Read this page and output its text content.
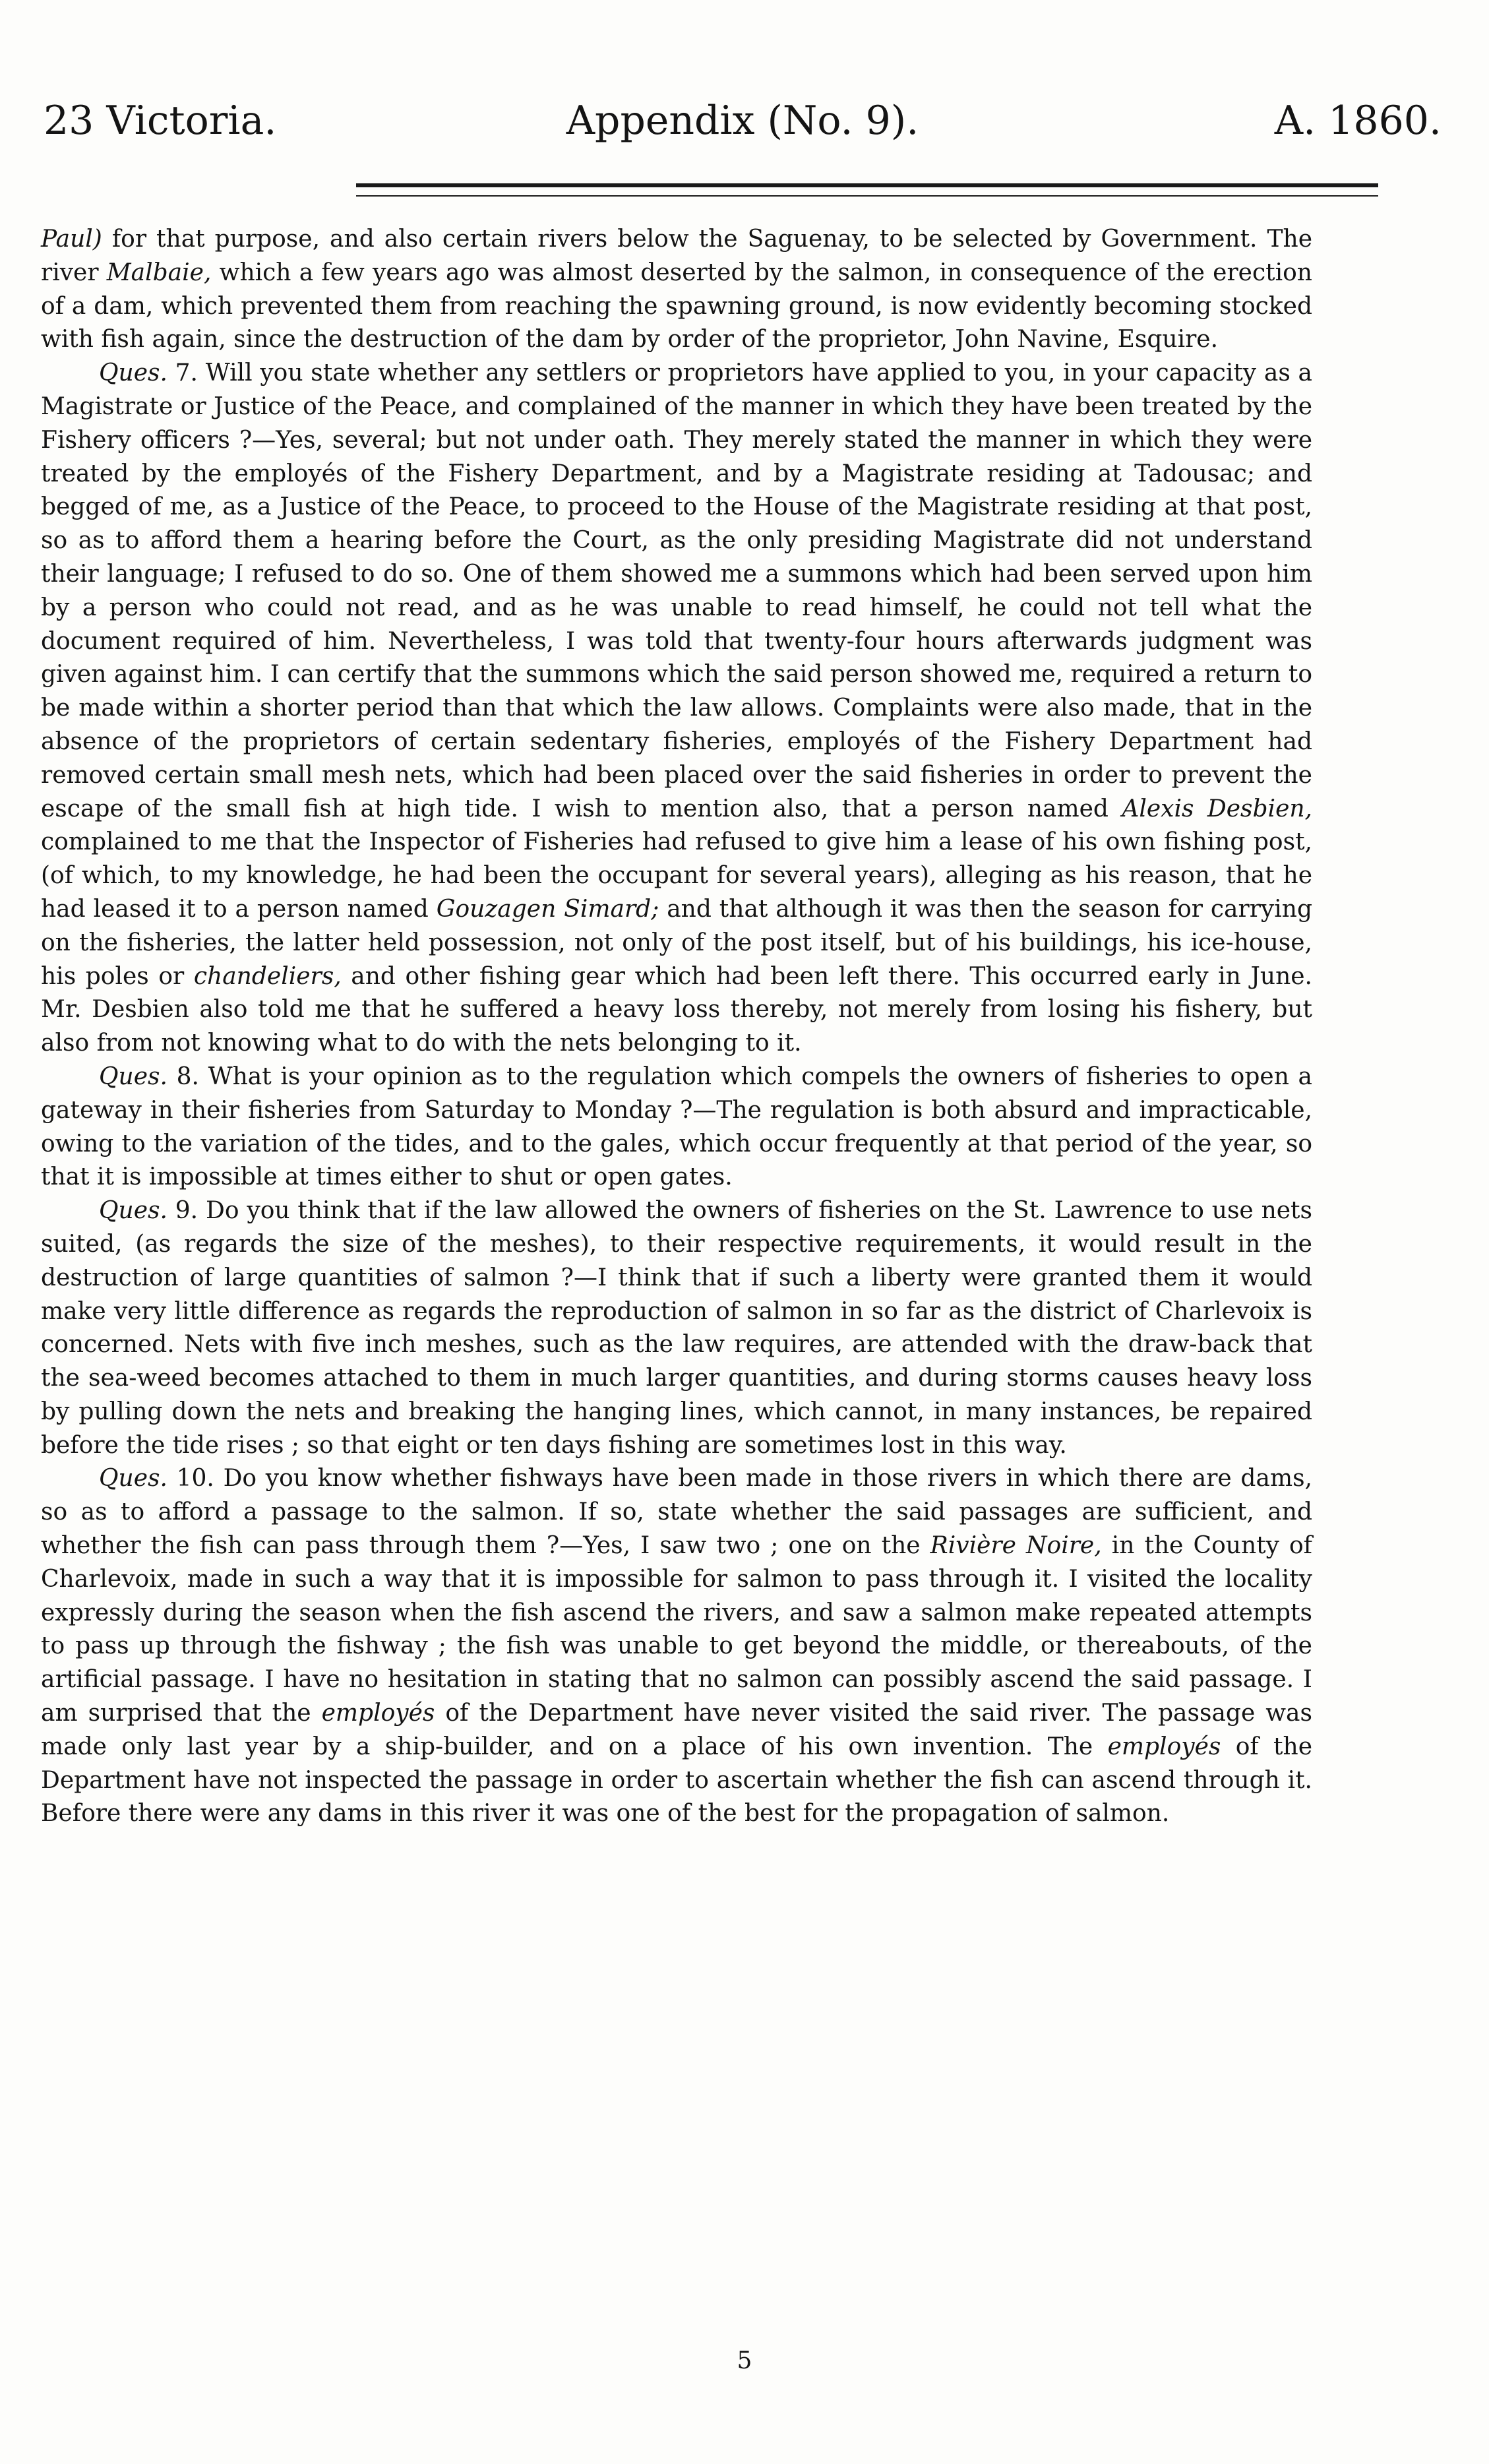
23 Victoria.	Appendix (No. 9).	A. 1860.

Paul) for that purpose, and also certain rivers below the Saguenay, to be selected by Government. The river Malbaie, which a few years ago was almost deserted by the salmon, in consequence of the erection of a dam, which prevented them from reaching the spawning ground, is now evidently becoming stocked with fish again, since the destruction of the dam by order of the proprietor, John Navine, Esquire.

Ques. 7. Will you state whether any settlers or proprietors have applied to you, in your capacity as a Magistrate or Justice of the Peace, and complained of the manner in which they have been treated by the Fishery officers ?—Yes, several; but not under oath. They merely stated the manner in which they were treated by the employés of the Fishery Department, and by a Magistrate residing at Tadousac; and begged of me, as a Justice of the Peace, to proceed to the House of the Magistrate residing at that post, so as to afford them a hearing before the Court, as the only presiding Magistrate did not understand their language; I refused to do so. One of them showed me a summons which had been served upon him by a person who could not read, and as he was unable to read himself, he could not tell what the document required of him. Nevertheless, I was told that twenty-four hours afterwards judgment was given against him. I can certify that the summons which the said person showed me, required a return to be made within a shorter period than that which the law allows. Complaints were also made, that in the absence of the proprietors of certain sedentary fisheries, employés of the Fishery Department had removed certain small mesh nets, which had been placed over the said fisheries in order to prevent the escape of the small fish at high tide. I wish to mention also, that a person named Alexis Desbien, complained to me that the Inspector of Fisheries had refused to give him a lease of his own fishing post, (of which, to my knowledge, he had been the occupant for several years), alleging as his reason, that he had leased it to a person named Gouzagen Simard; and that although it was then the season for carrying on the fisheries, the latter held possession, not only of the post itself, but of his buildings, his ice-house, his poles or chandeliers, and other fishing gear which had been left there. This occurred early in June. Mr. Desbien also told me that he suffered a heavy loss thereby, not merely from losing his fishery, but also from not knowing what to do with the nets belonging to it.

Ques. 8. What is your opinion as to the regulation which compels the owners of fisheries to open a gateway in their fisheries from Saturday to Monday ?—The regulation is both absurd and impracticable, owing to the variation of the tides, and to the gales, which occur frequently at that period of the year, so that it is impossible at times either to shut or open gates.

Ques. 9. Do you think that if the law allowed the owners of fisheries on the St. Lawrence to use nets suited, (as regards the size of the meshes), to their respective requirements, it would result in the destruction of large quantities of salmon ?—I think that if such a liberty were granted them it would make very little difference as regards the reproduction of salmon in so far as the district of Charlevoix is concerned. Nets with five inch meshes, such as the law requires, are attended with the draw-back that the sea-weed becomes attached to them in much larger quantities, and during storms causes heavy loss by pulling down the nets and breaking the hanging lines, which cannot, in many instances, be repaired before the tide rises ; so that eight or ten days fishing are sometimes lost in this way.

Ques. 10. Do you know whether fishways have been made in those rivers in which there are dams, so as to afford a passage to the salmon. If so, state whether the said passages are sufficient, and whether the fish can pass through them ?—Yes, I saw two ; one on the Rivière Noire, in the County of Charlevoix, made in such a way that it is impossible for salmon to pass through it. I visited the locality expressly during the season when the fish ascend the rivers, and saw a salmon make repeated attempts to pass up through the fishway ; the fish was unable to get beyond the middle, or thereabouts, of the artificial passage. I have no hesitation in stating that no salmon can possibly ascend the said passage. I am surprised that the employés of the Department have never visited the said river. The passage was made only last year by a ship-builder, and on a place of his own invention. The employés of the Department have not inspected the passage in order to ascertain whether the fish can ascend through it. Before there were any dams in this river it was one of the best for the propagation of salmon.

5
